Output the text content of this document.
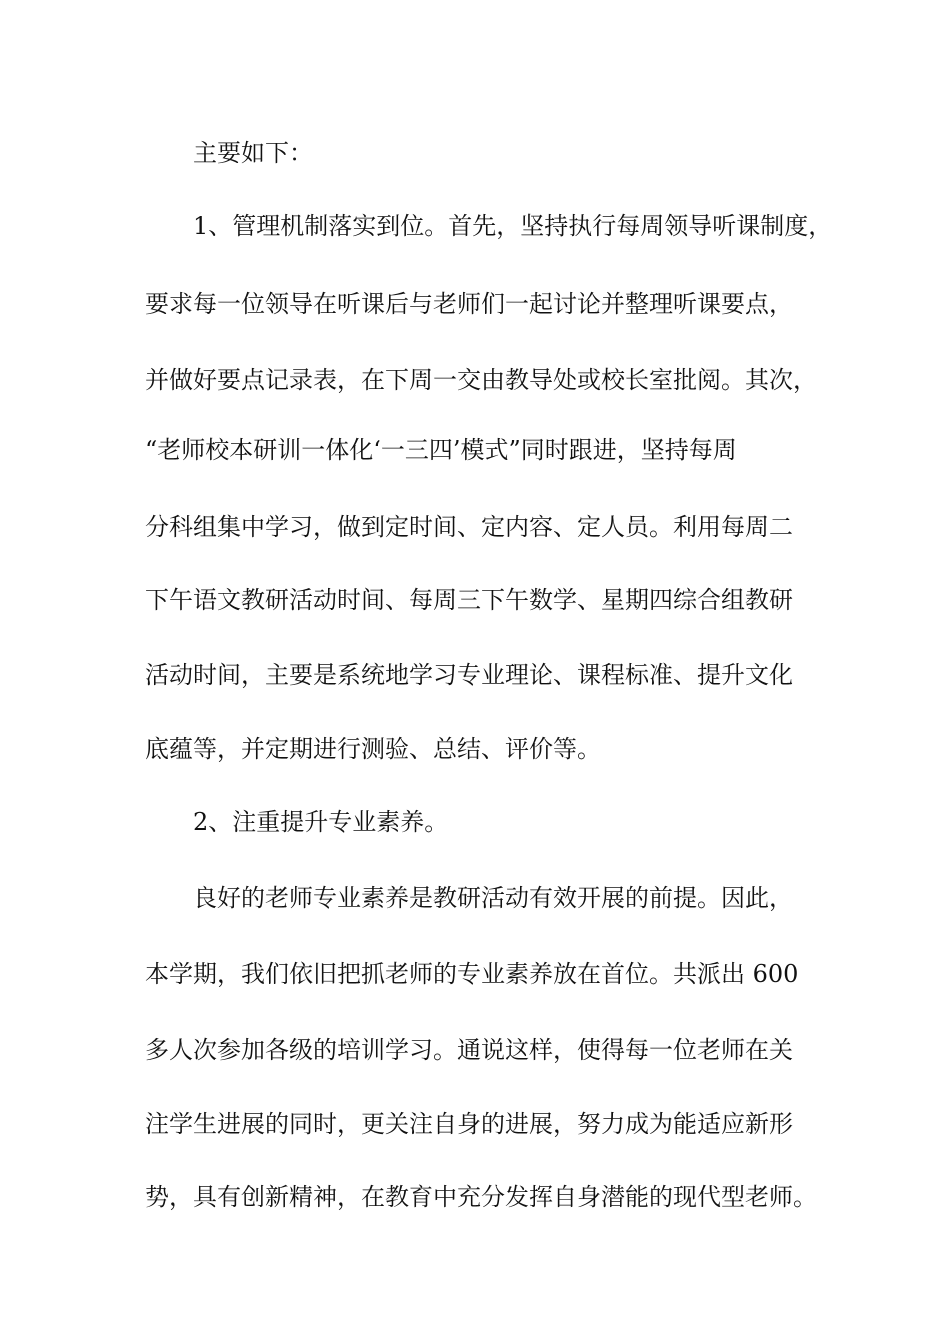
主要如下：
1、管理机制落实到位。首先，坚持执行每周领导听课制度，
要求每一位领导在听课后与老师们一起讨论并整理听课要点，
并做好要点记录表，在下周一交由教导处或校长室批阅。其次，
“老师校本研训一体化‘一三四’模式”同时跟进，坚持每周
分科组集中学习，做到定时间、定内容、定人员。利用每周二
下午语文教研活动时间、每周三下午数学、星期四综合组教研
活动时间，主要是系统地学习专业理论、课程标准、提升文化
底蕴等，并定期进行测验、总结、评价等。
2、注重提升专业素养。
良好的老师专业素养是教研活动有效开展的前提。因此，
本学期，我们依旧把抓老师的专业素养放在首位。共派出 600
多人次参加各级的培训学习。通说这样，使得每一位老师在关
注学生进展的同时，更关注自身的进展，努力成为能适应新形
势，具有创新精神，在教育中充分发挥自身潜能的现代型老师。
